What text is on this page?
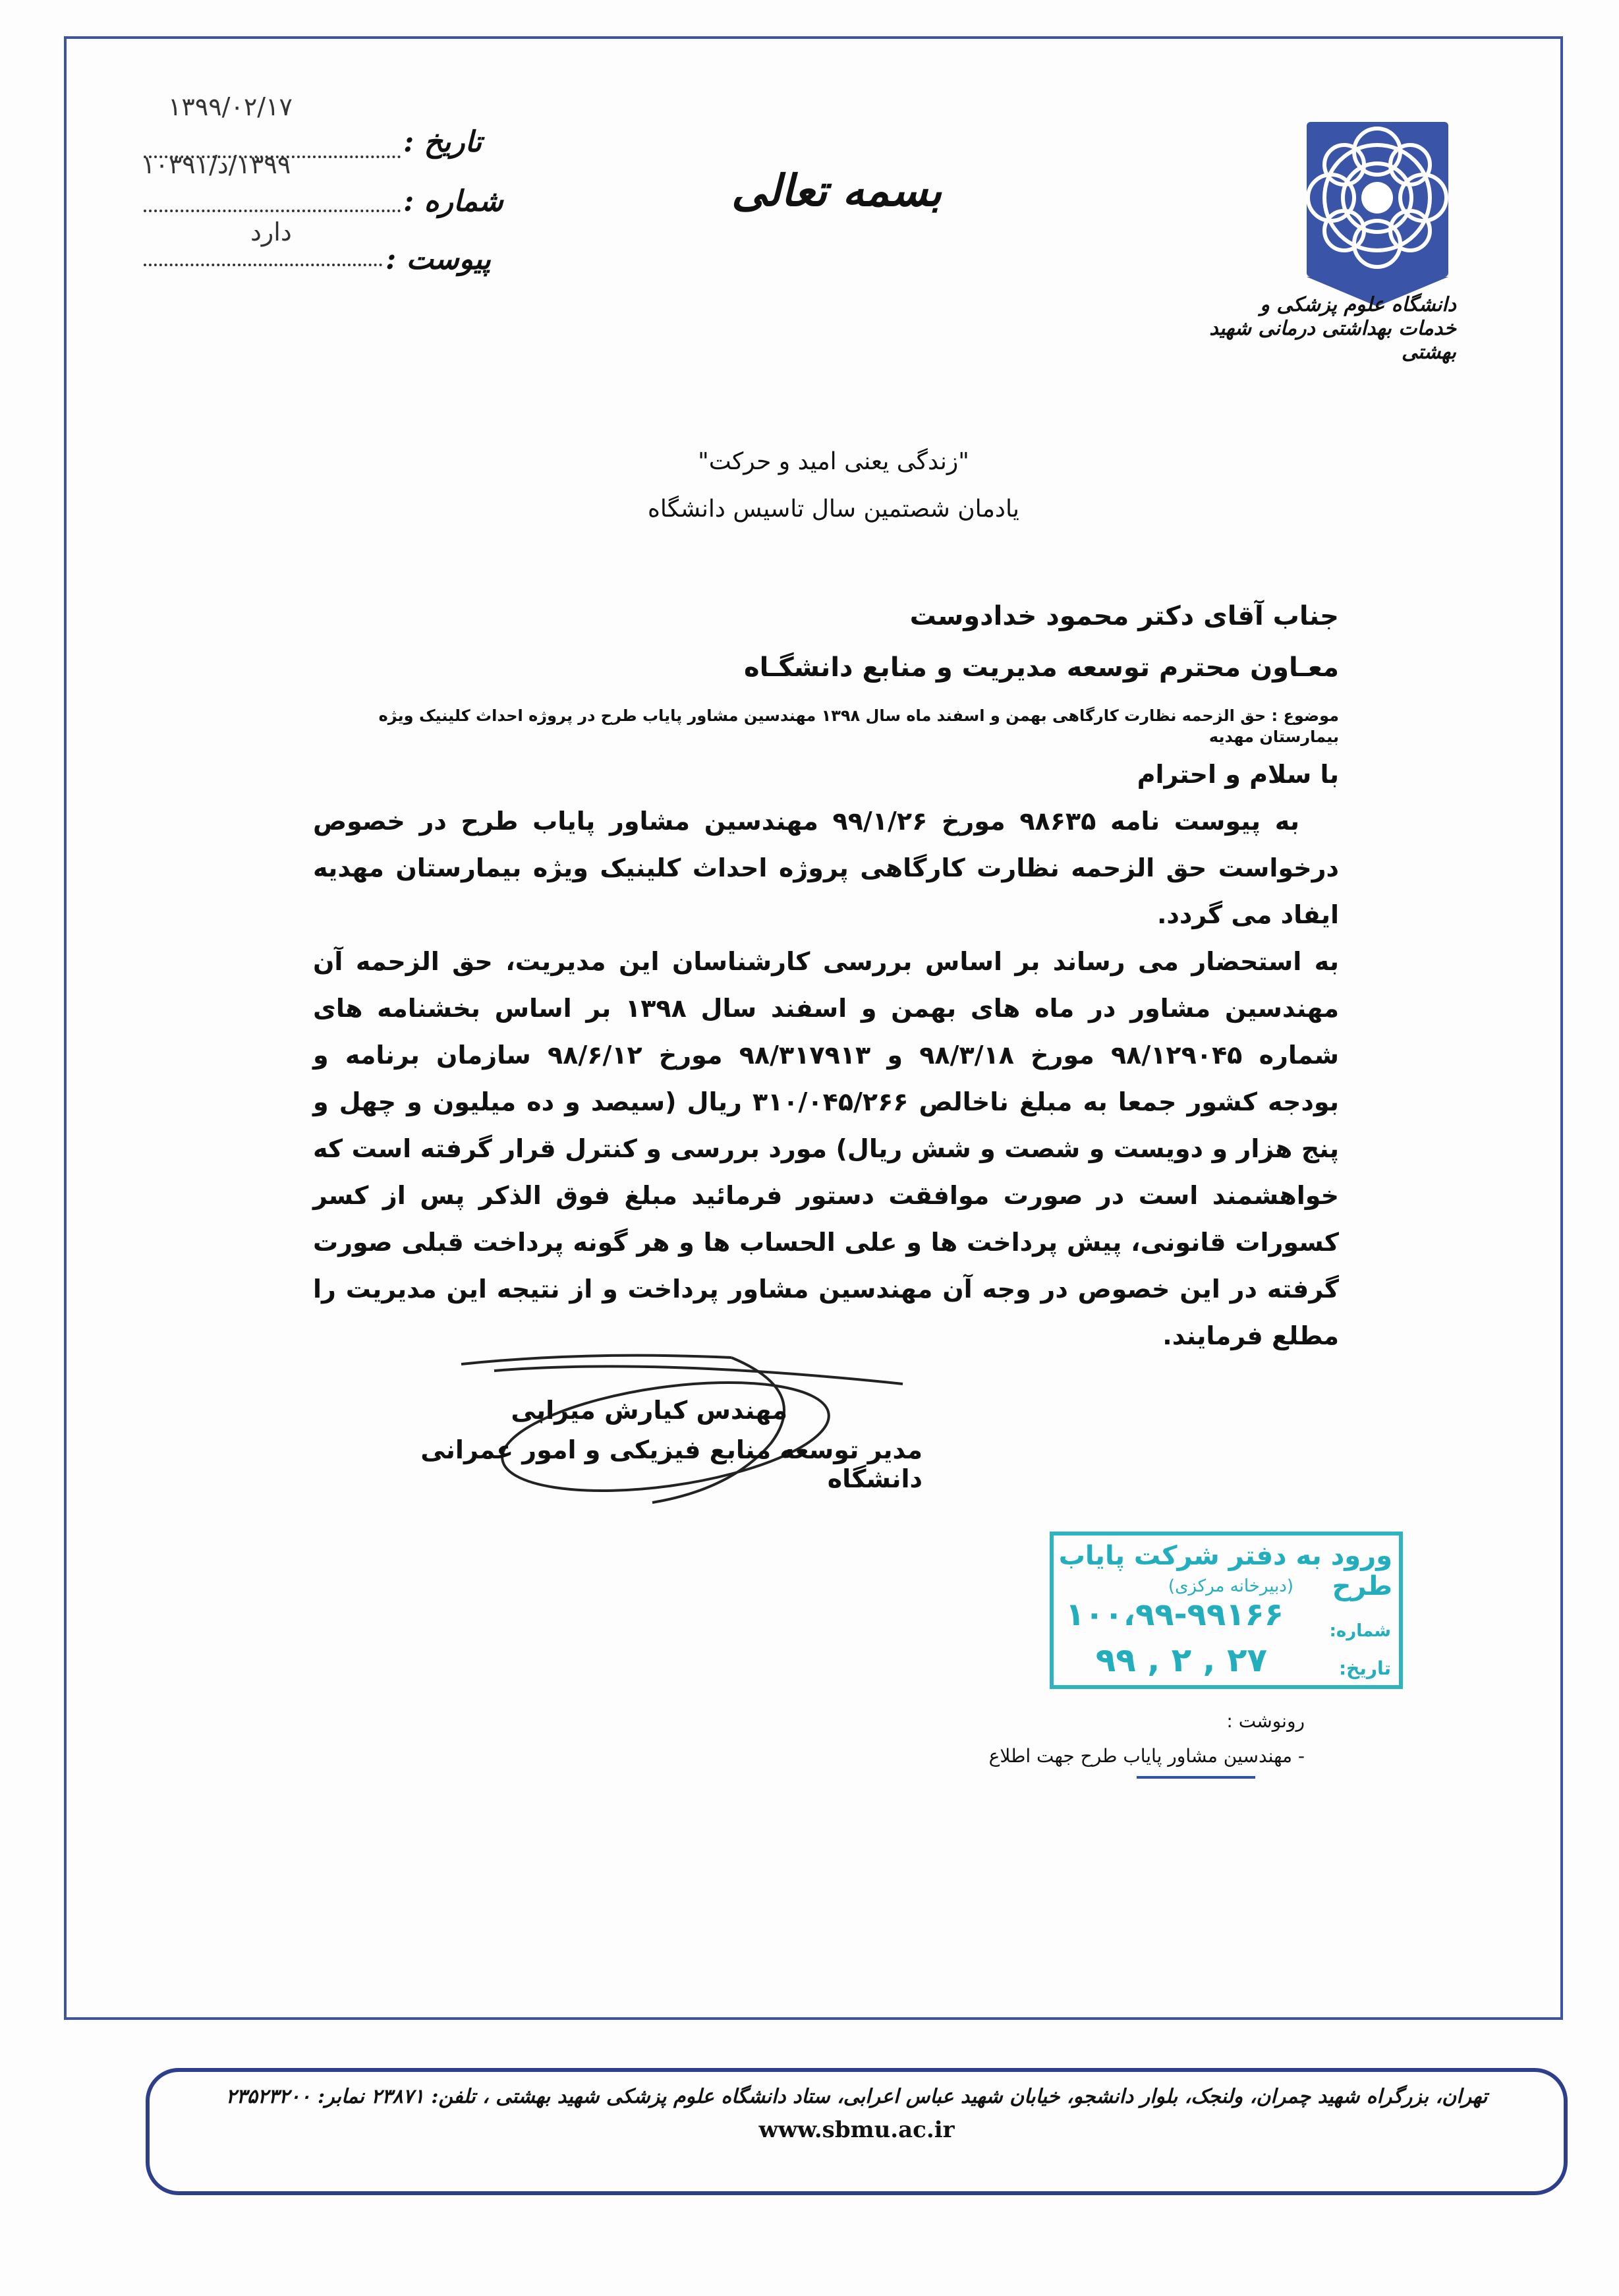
۱۳۹۹/۰۲/۱۷
تاریخ :
۱۳۹۹/د/۱۰۳۹۱
شماره :
دارد
پیوست :
بسمه تعالی
دانشگاه علوم پزشکی و خدمات بهداشتی درمانی شهید بهشتی
"زندگی یعنی امید و حرکت"
یادمان شصتمین سال تاسیس دانشگاه
جناب آقای دکتر محمود خدادوست
معـاون محترم توسعه مدیریت و منابع دانشگـاه
موضوع : حق الزحمه نظارت کارگاهی بهمن و اسفند ماه سال ۱۳۹۸ مهندسین مشاور پایاب طرح در پروژه احداث کلینیک ویژه بیمارستان مهدیه

با سلام و احترام

به پیوست نامه ۹۸۶۳۵ مورخ ۹۹/۱/۲۶ مهندسین مشاور پایاب طرح در خصوص درخواست حق الزحمه نظارت کارگاهی پروژه احداث کلینیک ویژه بیمارستان مهدیه ایفاد می گردد.

به استحضار می رساند بر اساس بررسی کارشناسان این مدیریت، حق الزحمه آن مهندسین مشاور در ماه های بهمن و اسفند سال ۱۳۹۸ بر اساس بخشنامه های شماره ۹۸/۱۲۹۰۴۵ مورخ ۹۸/۳/۱۸ و ۹۸/۳۱۷۹۱۳ مورخ ۹۸/۶/۱۲ سازمان برنامه و بودجه کشور جمعا به مبلغ ناخالص ۳۱۰/۰۴۵/۲۶۶ ریال (سیصد و ده میلیون و چهل و پنج هزار و دویست و شصت و شش ریال) مورد بررسی و کنترل قرار گرفته است که خواهشمند است در صورت موافقت دستور فرمائید مبلغ فوق الذکر پس از کسر کسورات قانونی، پیش پرداخت ها و علی الحساب ها و هر گونه پرداخت قبلی صورت گرفته در این خصوص در وجه آن مهندسین مشاور پرداخت و از نتیجه این مدیریت را مطلع فرمایند.

مهندس کیارش میرابی
مدیر توسعه منابع فیزیکی و امور عمرانی دانشگاه
ورود به دفتر شرکت پایاب طرح
(دبیرخانه مرکزی)
شماره:
۱۰۰،۹۹-۹۹۱۶۶
تاریخ:
۹۹ , ۲ , ۲۷
رونوشت :
- مهندسین مشاور پایاب طرح جهت اطلاع
تهران، بزرگراه شهید چمران، ولنجک، بلوار دانشجو، خیابان شهید عباس اعرابی، ستاد دانشگاه علوم پزشکی شهید بهشتی ، تلفن: ۲۳۸۷۱ نمابر: ۲۳۵۲۳۲۰۰
www.sbmu.ac.ir
